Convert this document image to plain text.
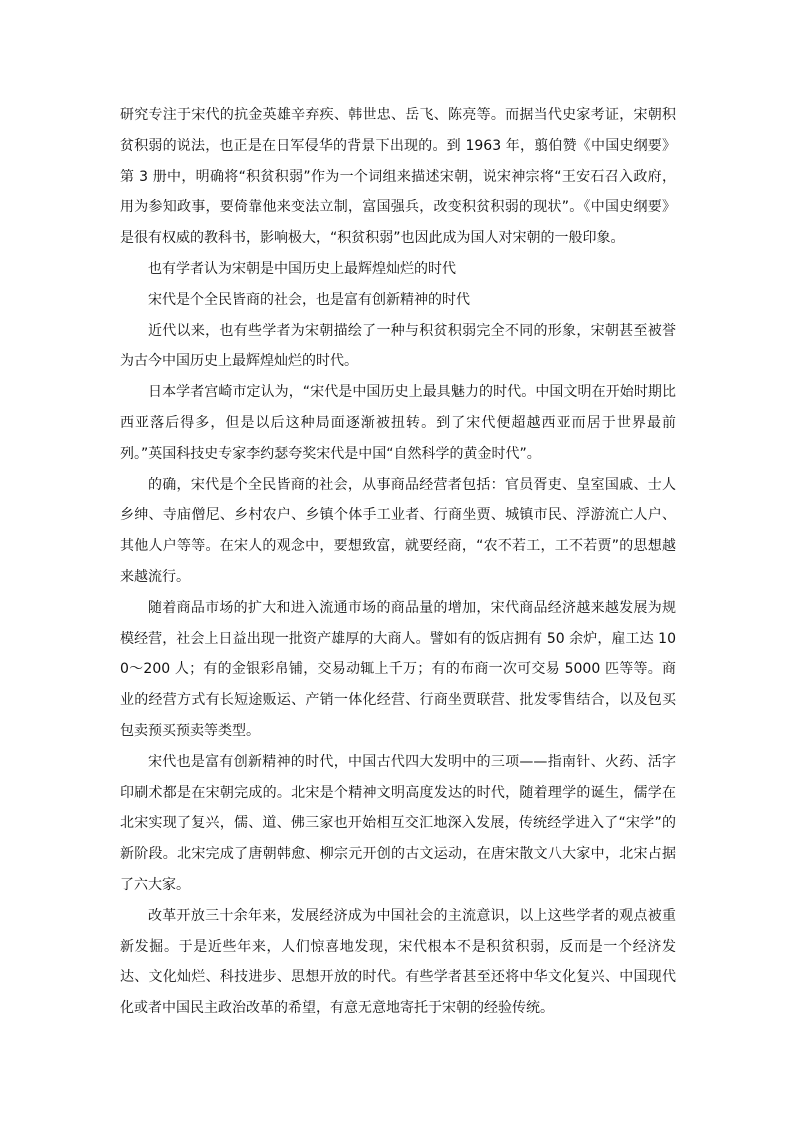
研究专注于宋代的抗金英雄辛弃疾、韩世忠、岳飞、陈亮等。而据当代史家考证，宋朝积贫积弱的说法，也正是在日军侵华的背景下出现的。到 1963 年，翦伯赞《中国史纲要》第 3 册中，明确将“积贫积弱”作为一个词组来描述宋朝，说宋神宗将“王安石召入政府，用为参知政事，要倚靠他来变法立制，富国强兵，改变积贫积弱的现状”。《中国史纲要》是很有权威的教科书，影响极大，“积贫积弱”也因此成为国人对宋朝的一般印象。

也有学者认为宋朝是中国历史上最辉煌灿烂的时代

宋代是个全民皆商的社会，也是富有创新精神的时代

近代以来，也有些学者为宋朝描绘了一种与积贫积弱完全不同的形象，宋朝甚至被誉为古今中国历史上最辉煌灿烂的时代。

日本学者宫崎市定认为，“宋代是中国历史上最具魅力的时代。中国文明在开始时期比西亚落后得多，但是以后这种局面逐渐被扭转。到了宋代便超越西亚而居于世界最前列。”英国科技史专家李约瑟夸奖宋代是中国“自然科学的黄金时代”。

的确，宋代是个全民皆商的社会，从事商品经营者包括：官员胥吏、皇室国戚、士人乡绅、寺庙僧尼、乡村农户、乡镇个体手工业者、行商坐贾、城镇市民、浮游流亡人户、其他人户等等。在宋人的观念中，要想致富，就要经商，“农不若工，工不若贾”的思想越来越流行。

随着商品市场的扩大和进入流通市场的商品量的增加，宋代商品经济越来越发展为规模经营，社会上日益出现一批资产雄厚的大商人。譬如有的饭店拥有 50 余炉，雇工达 100～200 人；有的金银彩帛铺，交易动辄上千万；有的布商一次可交易 5000 匹等等。商业的经营方式有长短途贩运、产销一体化经营、行商坐贾联营、批发零售结合，以及包买包卖预买预卖等类型。

宋代也是富有创新精神的时代，中国古代四大发明中的三项——指南针、火药、活字印刷术都是在宋朝完成的。北宋是个精神文明高度发达的时代，随着理学的诞生，儒学在北宋实现了复兴，儒、道、佛三家也开始相互交汇地深入发展，传统经学进入了“宋学”的新阶段。北宋完成了唐朝韩愈、柳宗元开创的古文运动，在唐宋散文八大家中，北宋占据了六大家。

改革开放三十余年来，发展经济成为中国社会的主流意识，以上这些学者的观点被重新发掘。于是近些年来，人们惊喜地发现，宋代根本不是积贫积弱，反而是一个经济发达、文化灿烂、科技进步、思想开放的时代。有些学者甚至还将中华文化复兴、中国现代化或者中国民主政治改革的希望，有意无意地寄托于宋朝的经验传统。
